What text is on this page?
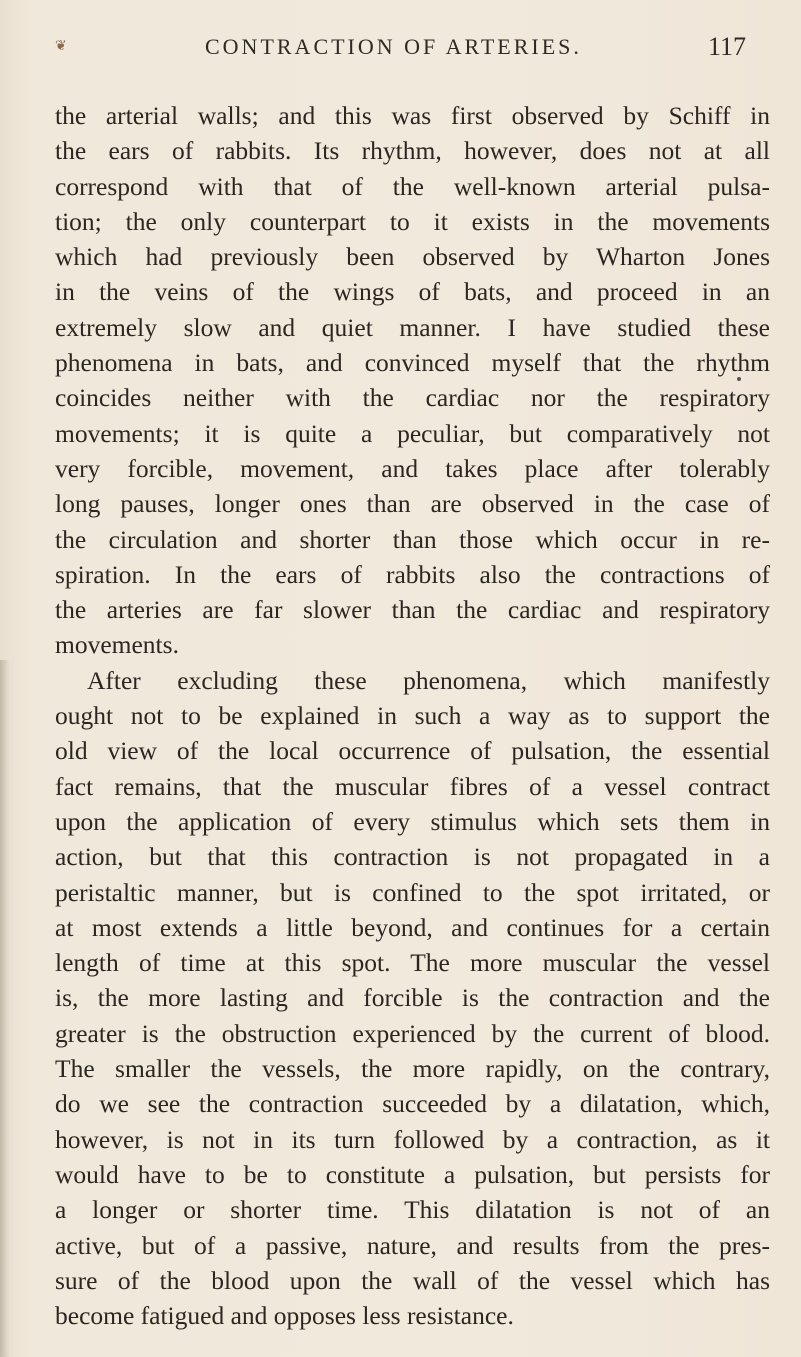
❦	CONTRACTION OF ARTERIES.	117
the arterial walls; and this was first observed by Schiff in
the ears of rabbits. Its rhythm, however, does not at all
correspond with that of the well-known arterial pulsa-
tion; the only counterpart to it exists in the movements
which had previously been observed by Wharton Jones
in the veins of the wings of bats, and proceed in an
extremely slow and quiet manner. I have studied these
phenomena in bats, and convinced myself that the rhythm
coincides neither with the cardiac nor the respiratory
movements; it is quite a peculiar, but comparatively not
very forcible, movement, and takes place after tolerably
long pauses, longer ones than are observed in the case of
the circulation and shorter than those which occur in re-
spiration. In the ears of rabbits also the contractions of
the arteries are far slower than the cardiac and respiratory
movements.
After excluding these phenomena, which manifestly
ought not to be explained in such a way as to support the
old view of the local occurrence of pulsation, the essential
fact remains, that the muscular fibres of a vessel contract
upon the application of every stimulus which sets them in
action, but that this contraction is not propagated in a
peristaltic manner, but is confined to the spot irritated, or
at most extends a little beyond, and continues for a certain
length of time at this spot. The more muscular the vessel
is, the more lasting and forcible is the contraction and the
greater is the obstruction experienced by the current of blood.
The smaller the vessels, the more rapidly, on the contrary,
do we see the contraction succeeded by a dilatation, which,
however, is not in its turn followed by a contraction, as it
would have to be to constitute a pulsation, but persists for
a longer or shorter time. This dilatation is not of an
active, but of a passive, nature, and results from the pres-
sure of the blood upon the wall of the vessel which has
become fatigued and opposes less resistance.
